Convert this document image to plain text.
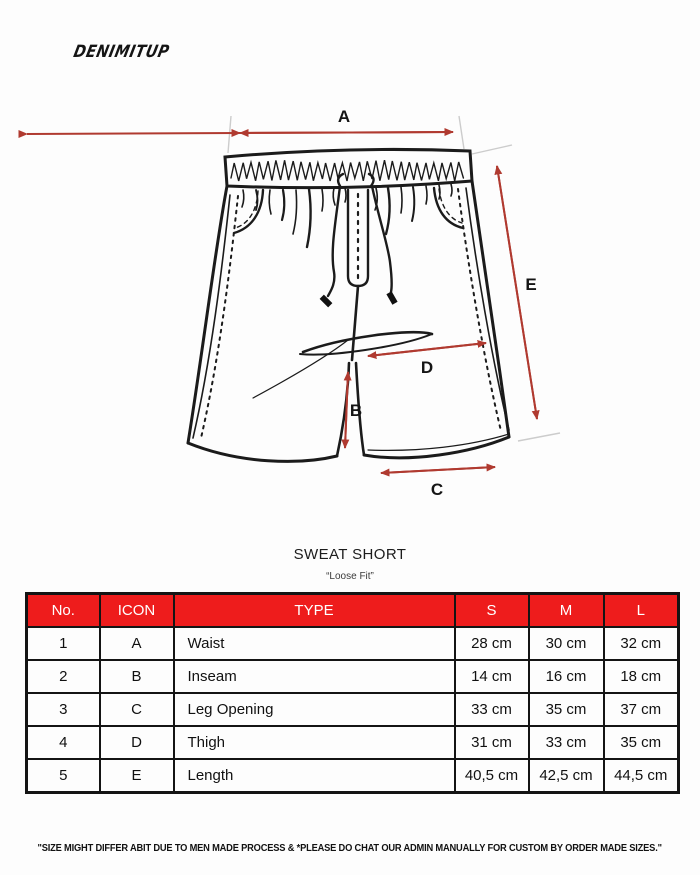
DENIMITUP
A
E
D
B
C
SWEAT SHORT
“Loose Fit”
No.	ICON	TYPE	S	M	L
1	A	Waist	28 cm	30 cm	32 cm
2	B	Inseam	14 cm	16 cm	18 cm
3	C	Leg Opening	33 cm	35 cm	37 cm
4	D	Thigh	31 cm	33 cm	35 cm
5	E	Length	40,5 cm	42,5 cm	44,5 cm
"SIZE MIGHT DIFFER ABIT DUE TO MEN MADE PROCESS & *PLEASE DO CHAT OUR ADMIN MANUALLY FOR CUSTOM BY ORDER MADE SIZES."
